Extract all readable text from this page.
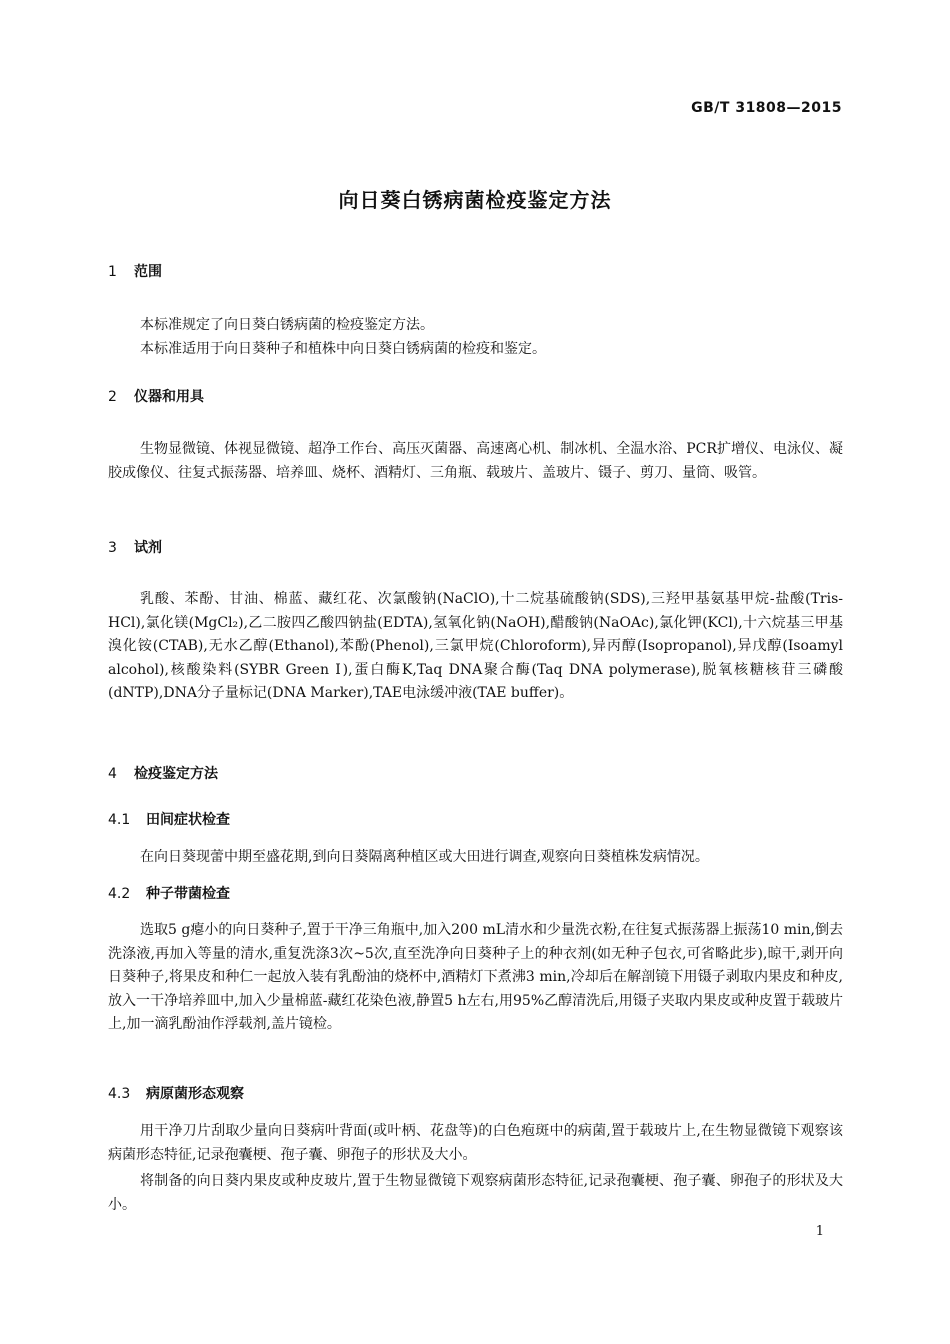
GB/T 31808—2015
向日葵白锈病菌检疫鉴定方法
1 范围

本标准规定了向日葵白锈病菌的检疫鉴定方法。

本标准适用于向日葵种子和植株中向日葵白锈病菌的检疫和鉴定。

2 仪器和用具

生物显微镜、体视显微镜、超净工作台、高压灭菌器、高速离心机、制冰机、全温水浴、PCR扩增仪、电泳仪、凝胶成像仪、往复式振荡器、培养皿、烧杯、酒精灯、三角瓶、载玻片、盖玻片、镊子、剪刀、量筒、吸管。

3 试剂

乳酸、苯酚、甘油、棉蓝、藏红花、次氯酸钠(NaClO),十二烷基硫酸钠(SDS),三羟甲基氨基甲烷-盐酸(Tris-HCl),氯化镁(MgCl₂),乙二胺四乙酸四钠盐(EDTA),氢氧化钠(NaOH),醋酸钠(NaOAc),氯化钾(KCl),十六烷基三甲基溴化铵(CTAB),无水乙醇(Ethanol),苯酚(Phenol),三氯甲烷(Chloroform),异丙醇(Isopropanol),异戊醇(Isoamyl alcohol),核酸染料(SYBR Green Ⅰ),蛋白酶K,Taq DNA聚合酶(Taq DNA polymerase),脱氧核糖核苷三磷酸(dNTP),DNA分子量标记(DNA Marker),TAE电泳缓冲液(TAE buffer)。

4 检疫鉴定方法
4.1 田间症状检查

在向日葵现蕾中期至盛花期,到向日葵隔离种植区或大田进行调查,观察向日葵植株发病情况。

4.2 种子带菌检查

选取5 g瘪小的向日葵种子,置于干净三角瓶中,加入200 mL清水和少量洗衣粉,在往复式振荡器上振荡10 min,倒去洗涤液,再加入等量的清水,重复洗涤3次~5次,直至洗净向日葵种子上的种衣剂(如无种子包衣,可省略此步),晾干,剥开向日葵种子,将果皮和种仁一起放入装有乳酚油的烧杯中,酒精灯下煮沸3 min,冷却后在解剖镜下用镊子剥取内果皮和种皮,放入一干净培养皿中,加入少量棉蓝-藏红花染色液,静置5 h左右,用95%乙醇清洗后,用镊子夹取内果皮或种皮置于载玻片上,加一滴乳酚油作浮载剂,盖片镜检。

4.3 病原菌形态观察

用干净刀片刮取少量向日葵病叶背面(或叶柄、花盘等)的白色疱斑中的病菌,置于载玻片上,在生物显微镜下观察该病菌形态特征,记录孢囊梗、孢子囊、卵孢子的形状及大小。

将制备的向日葵内果皮或种皮玻片,置于生物显微镜下观察病菌形态特征,记录孢囊梗、孢子囊、卵孢子的形状及大小。

1
